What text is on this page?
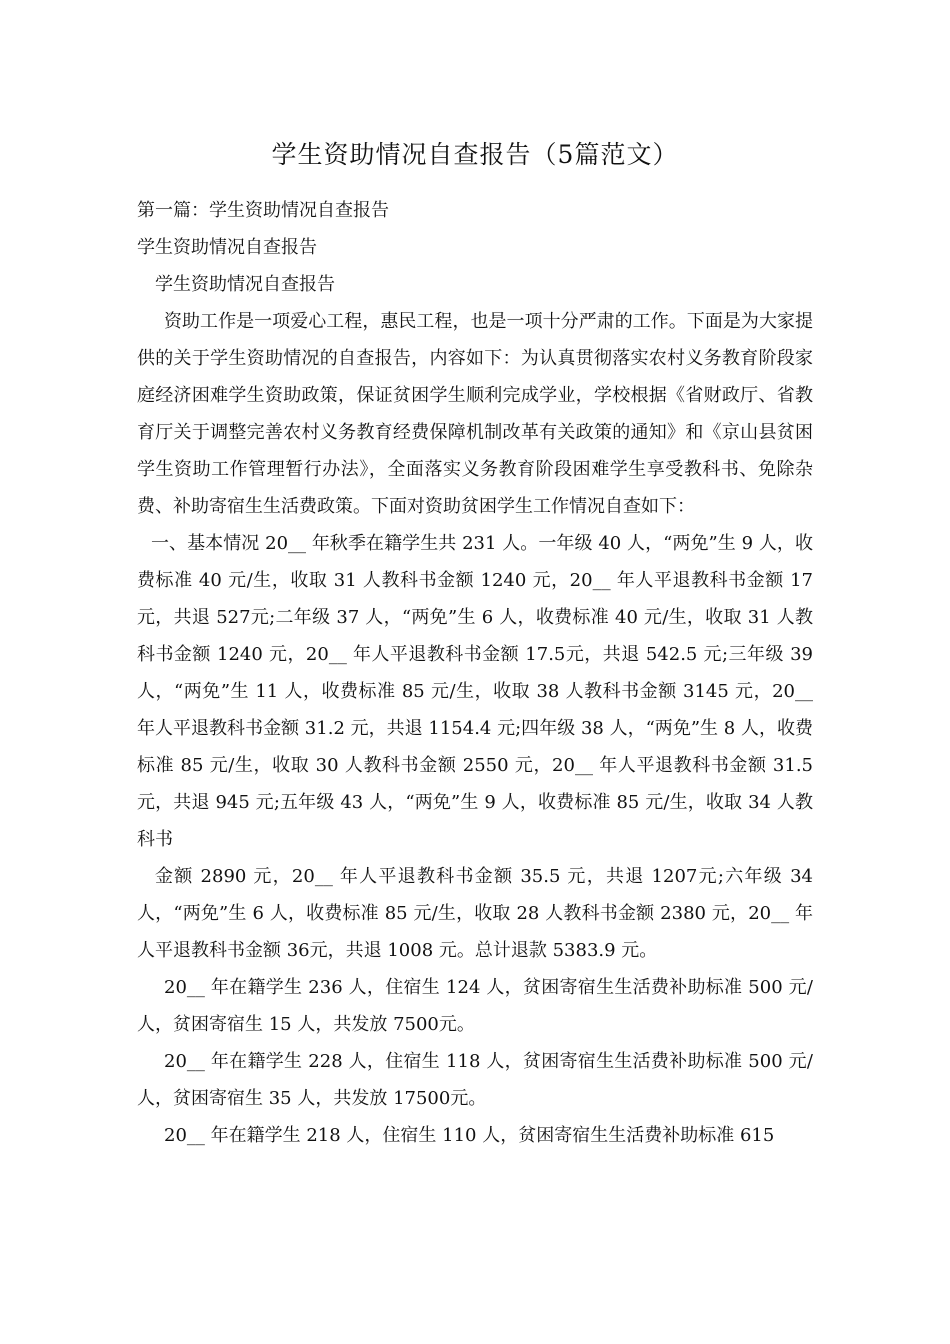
学生资助情况自查报告（5篇范文）

第一篇：学生资助情况自查报告

学生资助情况自查报告

学生资助情况自查报告

资助工作是一项爱心工程，惠民工程，也是一项十分严肃的工作。下面是为大家提供的关于学生资助情况的自查报告，内容如下：为认真贯彻落实农村义务教育阶段家庭经济困难学生资助政策，保证贫困学生顺利完成学业，学校根据《省财政厅、省教育厅关于调整完善农村义务教育经费保障机制改革有关政策的通知》和《京山县贫困学生资助工作管理暂行办法》，全面落实义务教育阶段困难学生享受教科书、免除杂费、补助寄宿生生活费政策。下面对资助贫困学生工作情况自查如下：

一、基本情况 20__ 年秋季在籍学生共 231 人。一年级 40 人，“两免”生 9 人，收费标准 40 元/生，收取 31 人教科书金额 1240 元，20__ 年人平退教科书金额 17 元，共退 527元;二年级 37 人，“两免”生 6 人，收费标准 40 元/生，收取 31 人教科书金额 1240 元，20__ 年人平退教科书金额 17.5元，共退 542.5 元;三年级 39 人，“两免”生 11 人，收费标准 85 元/生，收取 38 人教科书金额 3145 元，20__ 年人平退教科书金额 31.2 元，共退 1154.4 元;四年级 38 人，“两免”生 8 人，收费标准 85 元/生，收取 30 人教科书金额 2550 元，20__ 年人平退教科书金额 31.5 元，共退 945 元;五年级 43 人，“两免”生 9 人，收费标准 85 元/生，收取 34 人教科书

金额 2890 元，20__ 年人平退教科书金额 35.5 元，共退 1207元;六年级 34 人，“两免”生 6 人，收费标准 85 元/生，收取 28 人教科书金额 2380 元，20__ 年人平退教科书金额 36元，共退 1008 元。总计退款 5383.9 元。

20__ 年在籍学生 236 人，住宿生 124 人，贫困寄宿生生活费补助标准 500 元/人，贫困寄宿生 15 人，共发放 7500元。

20__ 年在籍学生 228 人，住宿生 118 人，贫困寄宿生生活费补助标准 500 元/人，贫困寄宿生 35 人，共发放 17500元。

20__ 年在籍学生 218 人，住宿生 110 人，贫困寄宿生生活费补助标准 615
